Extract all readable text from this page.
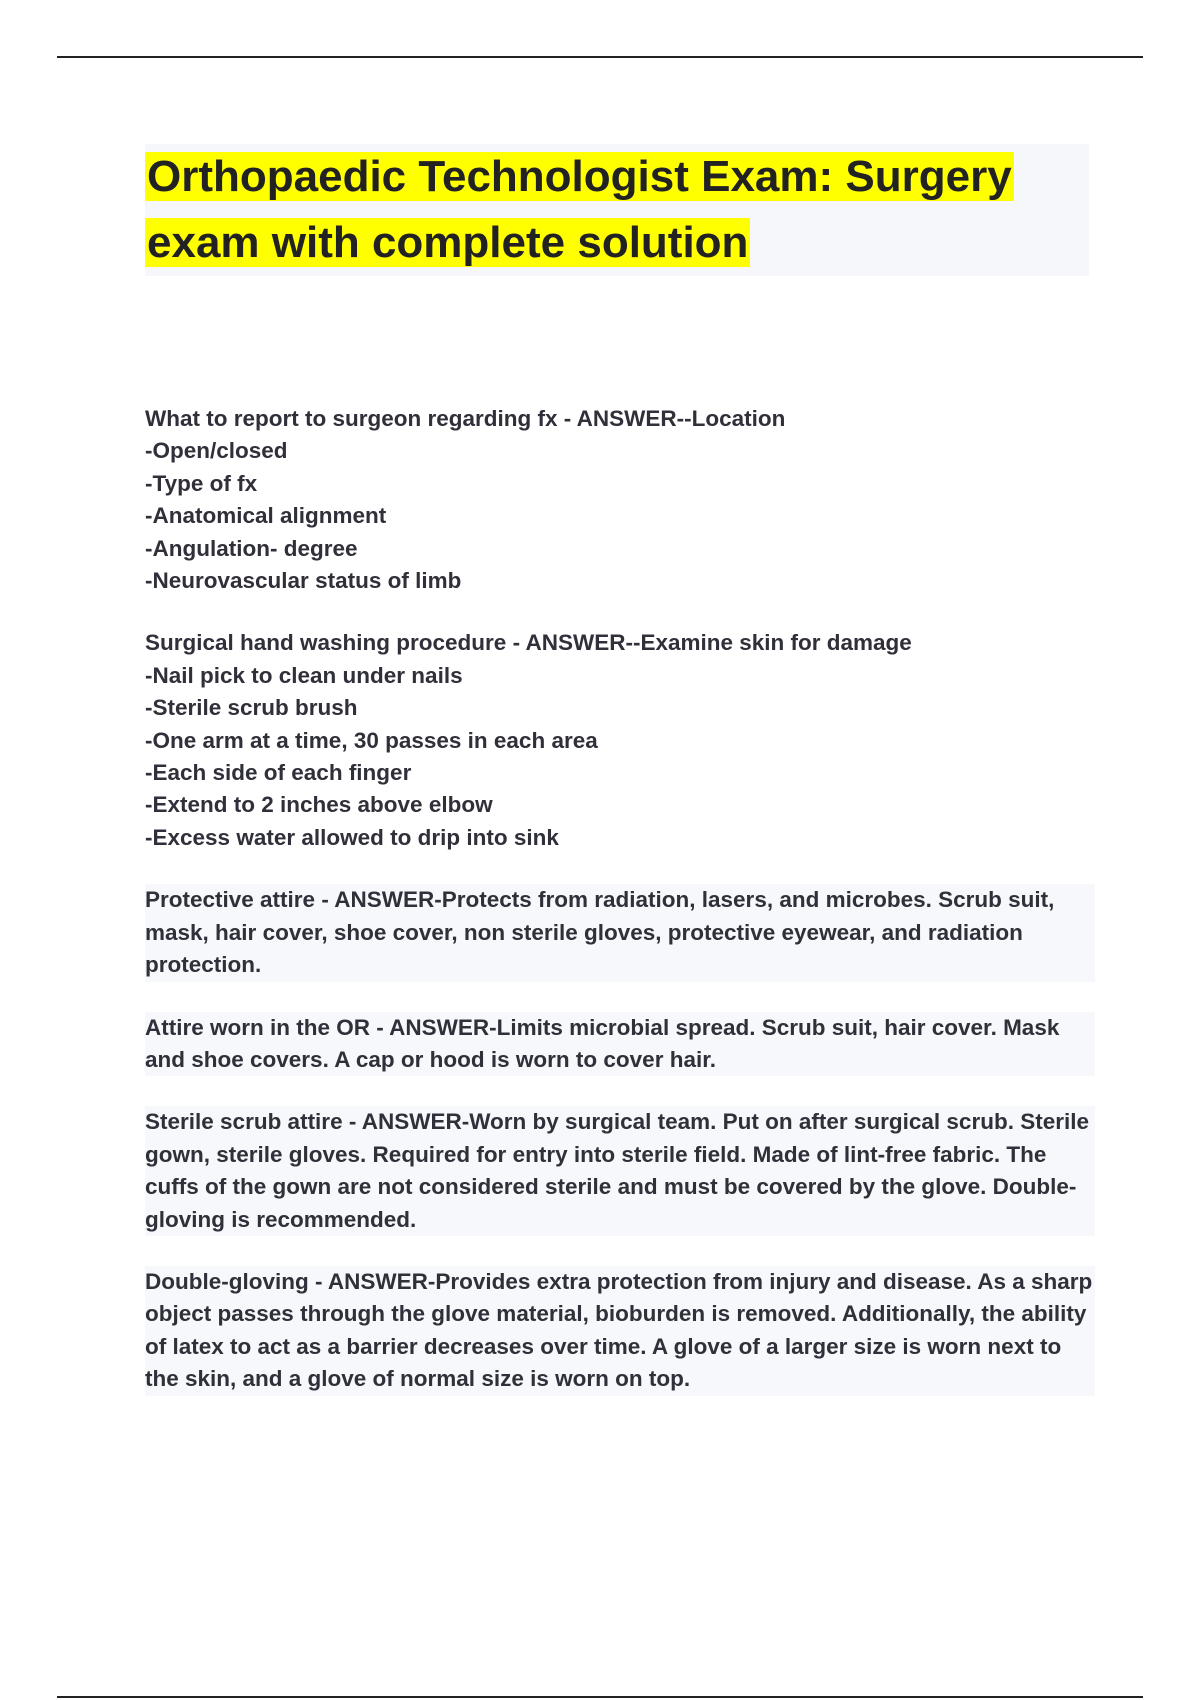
Orthopaedic Technologist Exam: Surgery exam with complete solution
What to report to surgeon regarding fx - ANSWER--Location
-Open/closed
-Type of fx
-Anatomical alignment
-Angulation- degree
-Neurovascular status of limb
Surgical hand washing procedure - ANSWER--Examine skin for damage
-Nail pick to clean under nails
-Sterile scrub brush
-One arm at a time, 30 passes in each area
-Each side of each finger
-Extend to 2 inches above elbow
-Excess water allowed to drip into sink
Protective attire - ANSWER-Protects from radiation, lasers, and microbes. Scrub suit, mask, hair cover, shoe cover, non sterile gloves, protective eyewear, and radiation protection.
Attire worn in the OR - ANSWER-Limits microbial spread. Scrub suit, hair cover. Mask and shoe covers. A cap or hood is worn to cover hair.
Sterile scrub attire - ANSWER-Worn by surgical team. Put on after surgical scrub. Sterile gown, sterile gloves. Required for entry into sterile field. Made of lint-free fabric. The cuffs of the gown are not considered sterile and must be covered by the glove. Double-gloving is recommended.
Double-gloving - ANSWER-Provides extra protection from injury and disease. As a sharp object passes through the glove material, bioburden is removed. Additionally, the ability of latex to act as a barrier decreases over time. A glove of a larger size is worn next to the skin, and a glove of normal size is worn on top.
